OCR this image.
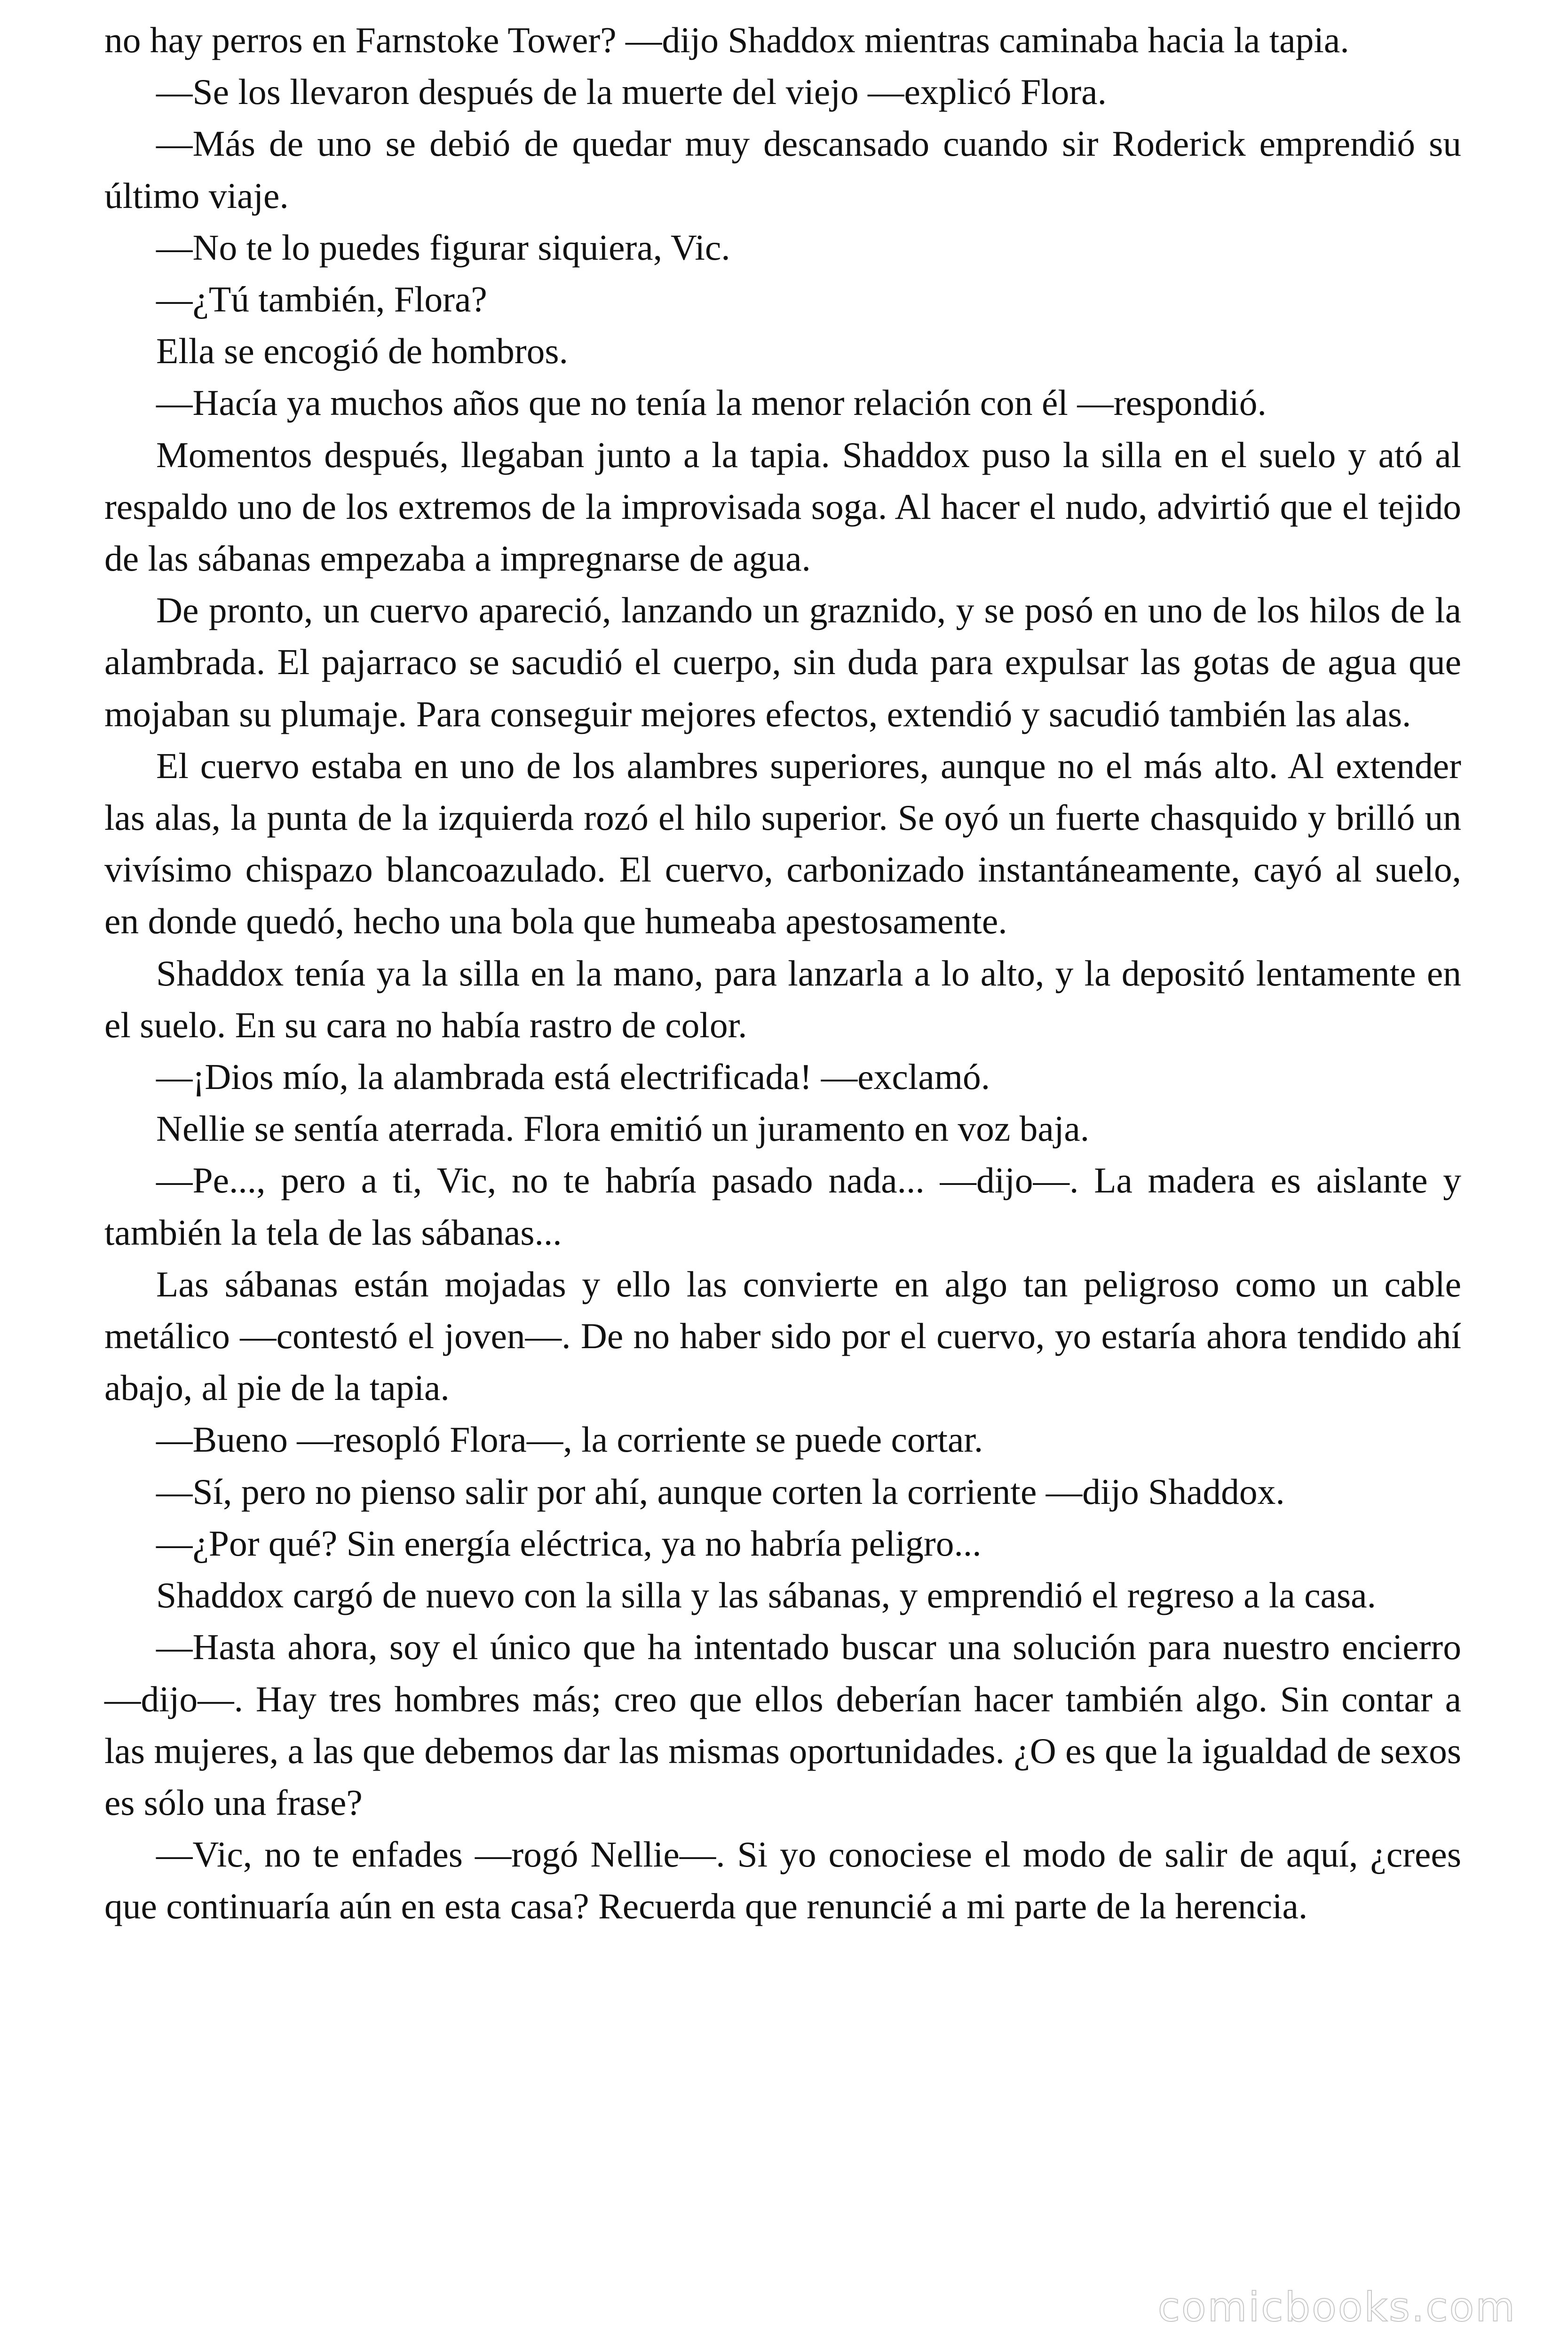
no hay perros en Farnstoke Tower? —dijo Shaddox mientras caminaba hacia la tapia.

—Se los llevaron después de la muerte del viejo —explicó Flora.

—Más de uno se debió de quedar muy descansado cuando sir Roderick emprendió su último viaje.

—No te lo puedes figurar siquiera, Vic.

—¿Tú también, Flora?

Ella se encogió de hombros.

—Hacía ya muchos años que no tenía la menor relación con él —respondió.

Momentos después, llegaban junto a la tapia. Shaddox puso la silla en el suelo y ató al respaldo uno de los extremos de la improvisada soga. Al hacer el nudo, advirtió que el tejido de las sábanas empezaba a impregnarse de agua.

De pronto, un cuervo apareció, lanzando un graznido, y se posó en uno de los hilos de la alambrada. El pajarraco se sacudió el cuerpo, sin duda para expulsar las gotas de agua que mojaban su plumaje. Para conseguir mejores efectos, extendió y sacudió también las alas.

El cuervo estaba en uno de los alambres superiores, aunque no el más alto. Al extender las alas, la punta de la izquierda rozó el hilo superior. Se oyó un fuerte chasquido y brilló un vivísimo chispazo blancoazulado. El cuervo, carbonizado instantáneamente, cayó al suelo, en donde quedó, hecho una bola que humeaba apestosamente.

Shaddox tenía ya la silla en la mano, para lanzarla a lo alto, y la depositó lentamente en el suelo. En su cara no había rastro de color.

—¡Dios mío, la alambrada está electrificada! —exclamó.

Nellie se sentía aterrada. Flora emitió un juramento en voz baja.

—Pe..., pero a ti, Vic, no te habría pasado nada... —dijo—. La madera es aislante y también la tela de las sábanas...

Las sábanas están mojadas y ello las convierte en algo tan peligroso como un cable metálico —contestó el joven—. De no haber sido por el cuervo, yo estaría ahora tendido ahí abajo, al pie de la tapia.

—Bueno —resopló Flora—, la corriente se puede cortar.

—Sí, pero no pienso salir por ahí, aunque corten la corriente —dijo Shaddox.

—¿Por qué? Sin energía eléctrica, ya no habría peligro...

Shaddox cargó de nuevo con la silla y las sábanas, y emprendió el regreso a la casa.

—Hasta ahora, soy el único que ha intentado buscar una solución para nuestro encierro —dijo—. Hay tres hombres más; creo que ellos deberían hacer también algo. Sin contar a las mujeres, a las que debemos dar las mismas oportunidades. ¿O es que la igualdad de sexos es sólo una frase?

—Vic, no te enfades —rogó Nellie—. Si yo conociese el modo de salir de aquí, ¿crees que continuaría aún en esta casa? Recuerda que renuncié a mi parte de la herencia.

comicbooks.com
